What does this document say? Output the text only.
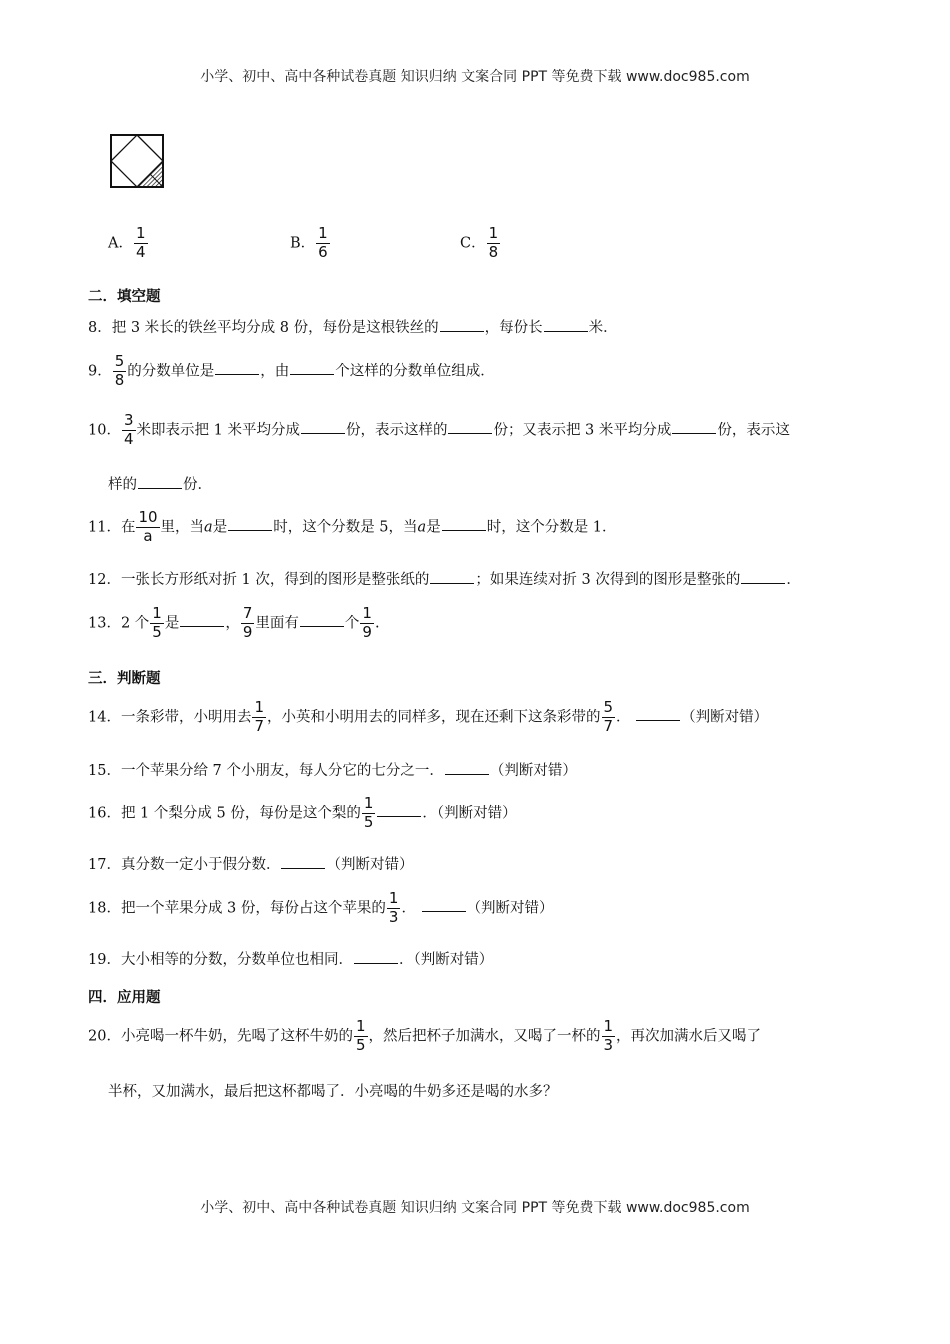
小学、初中、高中各种试卷真题 知识归纳 文案合同 PPT 等免费下载 www.doc985.com
A． $\frac{1}{4}$	B． $\frac{1}{6}$	C． $\frac{1}{8}$
二．填空题
8．把 3 米长的铁丝平均分成 8 份，每份是这根铁丝的	，每份长	米．
9． $\frac{5}{8}$ 的分数单位是	，由	个这样的分数单位组成．
10． $\frac{3}{4}$ 米即表示把 1 米平均分成	份，表示这样的	份；又表示把 3 米平均分成	份，表示这
样的	份．
11．在 $\frac{10}{a}$ 里，当a是	时，这个分数是 5，当a是	时，这个分数是 1．
12．一张长方形纸对折 1 次，得到的图形是整张纸的	；如果连续对折 3 次得到的图形是整张的	．
13．2 个 $\frac{1}{5}$ 是	， $\frac{7}{9}$ 里面有	个 $\frac{1}{9}$ .
三．判断题
14．一条彩带，小明用去 $\frac{1}{7}$ ，小英和小明用去的同样多，现在还剩下这条彩带的 $\frac{5}{7}$ ．	（判断对错）
15．一个苹果分给 7 个小朋友，每人分它的七分之一．	（判断对错）
16．把 1 个梨分成 5 份，每份是这个梨的 $\frac{1}{5}$	．（判断对错）
17．真分数一定小于假分数．	（判断对错）
18．把一个苹果分成 3 份，每份占这个苹果的 $\frac{1}{3}$ ．	（判断对错）
19．大小相等的分数，分数单位也相同．	．（判断对错）
四．应用题
20．小亮喝一杯牛奶，先喝了这杯牛奶的 $\frac{1}{5}$ ，然后把杯子加满水，又喝了一杯的 $\frac{1}{3}$ ，再次加满水后又喝了
半杯，又加满水，最后把这杯都喝了．小亮喝的牛奶多还是喝的水多？
小学、初中、高中各种试卷真题 知识归纳 文案合同 PPT 等免费下载 www.doc985.com
